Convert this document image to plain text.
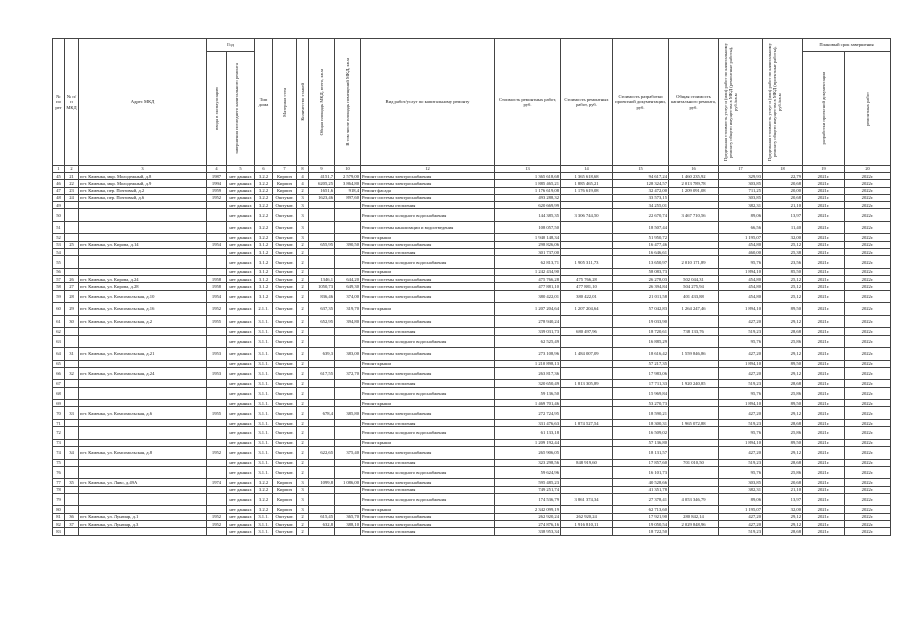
№ по рег	№ п/п МКД	Адрес МКД	Год		Тип дома	Материал стен	Количество этажей	Общая площадь МКД, всего, кв.м	В том числе площадь помещений МКД, кв.м	Вид работ/услуг по капитальному ремонту	Стоимость ремонтных работ, руб.	Стоимость ремонтных работ, руб.	Стоимость разработки проектной документации, руб.	Общая стоимость капитального ремонта, руб.	Предельная стоимость услуг и (или) работ по капитальному ремонту общего имущества в МКД (ремонтные работы), руб./кв.м	Предельная стоимость услуг и (или) работ по капитальному ремонту общего имущества в МКД (проектные работы), руб./кв.м	Плановый срок завершения	

			ввода в эксплуатацию	завершения последнего капитального ремонта													разработки проектной документации	ремонтных работ

1	2	3	4	5	6	7	8	9	10	12	13	14	15	16	17	18	19	20
45	21	пгт. Каменка, мкр. Молодежный, д.8	1987	нет данных	3.2.2	Кирпич	4	4151,7	2 579,00	Ремонт системы электроснабжения	1 365 618,68	1 365 618,68	94 617,24	1 460 235,92	329,93	22,79	2021г.	2022г.
46	22	пгт. Каменка, мкр. Молодежный, д.9	1994	нет данных	3.2.2	Кирпич	4	6205,25	3 864,80	Ремонт системы электроснабжения	1 885 465,21	1 885 465,21	128 324,57	2 013 789,78	303,85	20,68	2021г.	2022г.
47	23	пгт. Каменка, пер. Почтовый, д.2	1959	нет данных	3.2.2	Кирпич	2	1651,6	918,4	Ремонт фасада	1 176 619,08	1 176 619,08	32 472,00	1 209 091,08	711,25	20,00	2021г.	2022г.
48	24	пгт. Каменка, пер. Почтовый, д.6	1952	нет данных	3.2.2	Оштукат.	3	1623,46	897,60	Ремонт системы электроснабжения	493 288,32		33 573,15		303,85	20,68	2021г.	2022г.
49				нет данных	3.2.2	Оштукат.	3			Ремонт системы отопления	620 669,99		34 255,01		382,31	21,10	2021г.	2022г.
50				нет данных	3.2.2	Оштукат.	3			Ремонт системы холодного водоснабжения	144 385,35	3 306 744,50	22 670,74	3 467 710,56	89,06	13,97	2021г.	2022г.
51				нет данных	3.2.2	Оштукат.	3			Ремонт системы канализации и водоотведения	108 057,50		18 507,44		66,56	11,40	2021г.	2022г.
52				нет данных	3.2.2	Оштукат.	3			Ремонт крыши	1 940 148,34		51 950,72		1 195,07	32,00	2021г.	2022г.
53	25	пгт. Каменка, ул. Кирова, д.14	1954	нет данных	3.1.2	Оштукат.	2	655,95	390,50	Ремонт системы электроснабжения	298 826,06		16 477,46		454,80	25,12	2021г.	2022г.
54				нет данных	3.1.2	Оштукат.	2			Ремонт системы отопления	301 737,00		16 646,61		460,00	25,38	2021г.	2022г.
55				нет данных	3.1.2	Оштукат.	2			Ремонт системы холодного водоснабжения	62 813,71	1 905 311,73	13 650,97	2 010 171,89	95,76	23,56	2021г.	2022г.
56				нет данных	3.1.2	Оштукат.	2			Ремонт крыши	1 242 434,90		58 083,73		1 894,10	85,50	2021г.	2022г.
57	26	пгт. Каменка, ул. Кирова, д.24	1958	нет данных	3.1.2	Оштукат.	2	1346,1	644,20	Ремонт системы электроснабжения	475 766,28	475 766,28	26 278,03	502 044,31	454,80	25,12	2021г.	2022г.
58	27	пгт. Каменка, ул. Кирова, д.28	1958	нет данных	3.1.2	Оштукат.	2	1050,73	649,30	Ремонт системы электроснабжения	477 881,10	477 881,10	26 394,84	504 275,94	454,80	25,12	2021г.	2022г.
59	28	пгт. Каменка, ул. Комсомольская, д.10	1954	нет данных	3.1.2	Оштукат.	2	836,46	374,00	Ремонт системы электроснабжения	380 422,01	380 422,01	21 011,58	401 433,88	454,80	25,12	2021г.	2022г.
60	29	пгт. Каменка, ул. Комсомольская, д.16	1952	нет данных	2.1.1.	Оштукат.	2	637,35	319,70	Ремонт крыши	1 207 204,64	1 207 204,64	57 042,83	1 264 247,46	1 894,10	89,50	2021г.	2022г.
61	30	пгт. Каменка, ул. Комсомольская, д.2	1955	нет данных	3.1.1.	Оштукат.	2	652,95	394,80	Ремонт системы электроснабжения	278 940,24		19 033,90		427,20	29,12	2021г.	2022г.
62				нет данных	3.1.1.	Оштукат.	2			Ремонт системы отопления	339 031,73	680 497,96	18 720,61	738 133,76	519,23	28,68	2021г.	2022г.
63				нет данных	3.1.1.	Оштукат.	2			Ремонт системы холодного водоснабжения	62 525,49		16 885,29		95,76	25,86	2021г.	2022г.
64	31	пгт. Каменка, ул. Комсомольская, д.21	1953	нет данных	3.1.1.	Оштукат.	2	639,3	383,00	Ремонт системы электроснабжения	273 108,96	1 484 007,09	18 616,42	1 559 846,86	427,20	29,12	2021г.	2022г.
65				нет данных	3.1.1.	Оштукат.	2			Ремонт крыши	1 210 898,13		57 217,35		1 894,10	89,50	2021г.	2022г.
66	32	пгт. Каменка, ул. Комсомольская, д.24	1953	нет данных	3.1.1.	Оштукат.	2	617,55	372,70	Ремонт системы электроснабжения	263 817,36		17 983,06		427,20	29,12	2021г.	2022г.
67				нет данных	3.1.1.	Оштукат.	2			Ремонт системы отопления	320 650,49	1 813 305,89	17 711,33	1 920 240,85	519,23	28,68	2021г.	2022г.
68				нет данных	3.1.1.	Оштукат.	2			Ремонт системы холодного водоснабжения	59 136,50		15 969,84		95,76	25,86	2021г.	2022г.
69				нет данных	3.1.1.	Оштукат.	2			Ремонт крыши	1 469 701,46		53 270,73		1 894,10	89,50	2021г.	2022г.
70	33	пгт. Каменка, ул. Комсомольская, д.6	1955	нет данных	3.1.1.	Оштукат.	2	678,4	385,80	Ремонт системы электроснабжения	272 724,95		18 590,21		427,20	29,12	2021г.	2022г.
71				нет данных	3.1.1.	Оштукат.	2			Ремонт системы отопления	331 476,63	1 874 527,54	18 300,31	1 965 072,88	519,23	28,68	2021г.	2022г.
72				нет данных	3.1.1.	Оштукат.	2			Ремонт системы холодного водоснабжения	61 133,18		16 509,02		95,76	25,86	2021г.	2022г.
73				нет данных	3.1.1.	Оштукат.	2			Ремонт крыши	1 209 192,44		57 136,80		1 894,10	89,50	2021г.	2022г.
74	34	пгт. Каменка, ул. Комсомольская, д.8	1952	нет данных	3.1.1.	Оштукат.	2	622,65	375,40	Ремонт системы электроснабжения	265 906,05		18 131,57		427,20	29,12	2021г.	2022г.
75				нет данных	3.1.1.	Оштукат.	2			Ремонт системы отопления	323 298,56	848 919,60	17 857,60	701 010,50	519,23	28,68	2021г.	2022г.
76				нет данных	3.1.1.	Оштукат.	2			Ремонт системы холодного водоснабжения	59 624,96		16 101,73		95,76	25,86	2021г.	2022г.
77	35	пгт. Каменка, ул. Ляво, д.49А	1974	нет данных	3.2.2	Кирпич	3	1099,8	1 086,00	Ремонт системы электроснабжения	595 485,23		40 528,66		303,85	20,68	2021г.	2022г.
78				нет данных	3.2.2	Кирпич	3			Ремонт системы отопления	749 251,74		41 351,78		382,31	21,10	2021г.	2022г.
79				нет данных	3.2.2	Кирпич	3			Ремонт системы холодного водоснабжения	174 536,79	3 861 374,34	27 378,41	4 053 346,79	89,06	13,97	2021г.	2022г.
80				нет данных	3.2.2	Кирпич	3			Ремонт крыши	2 342 099,19		62 713,60		1 195,07	32,00	2021г.	2022г.
81	36	пгт. Каменка, ул. Луначар, д.1	1952	нет данных	3.1.1.	Оштукат.	2	615,45	365,70	Ремонт системы электроснабжения	262 920,24	262 920,24	17 921,90	280 842,14	427,20	29,12	2021г.	2022г.
82	37	пгт. Каменка, ул. Луначар, д.3	1952	нет данных	3.1.1.	Оштукат.	2	632,8	388,10	Ремонт системы электроснабжения	274 876,16	1 916 810,11	19 050,54	2 029 848,96	427,20	29,12	2021г.	2022г.
83				нет данных	3.1.1.	Оштукат.	2			Ремонт системы отопления	338 953,34		18 722,50		519,23	28,68	2021г.	2022г.
